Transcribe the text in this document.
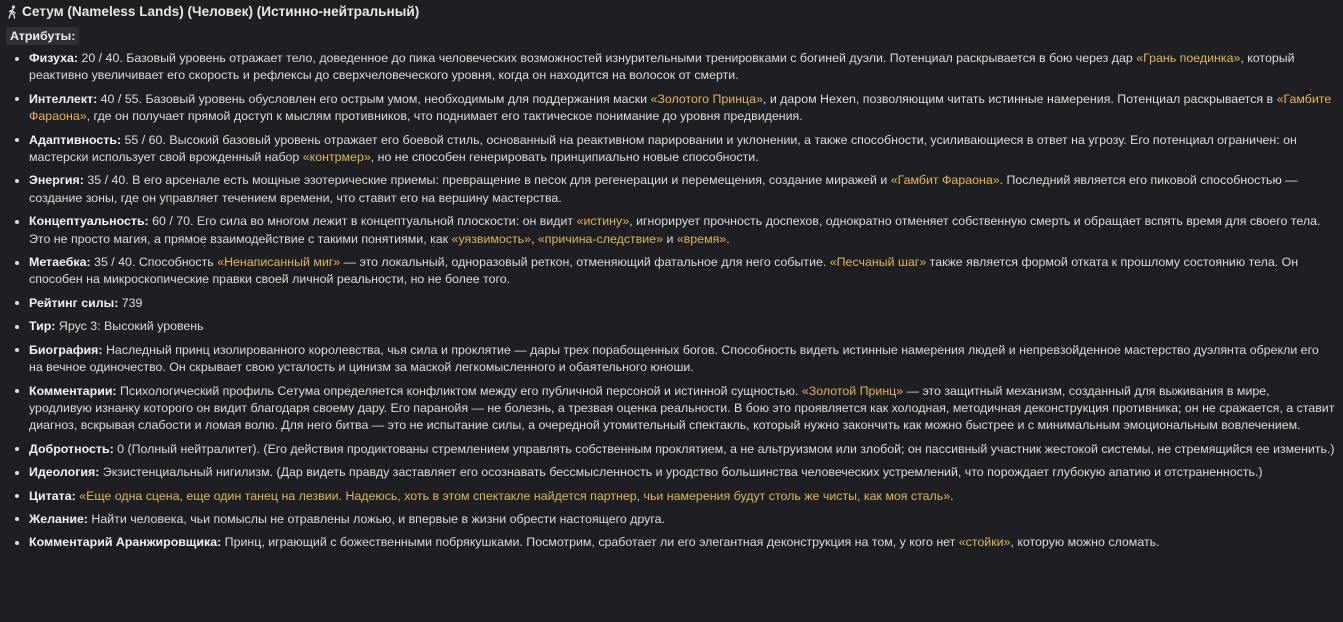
Сетум (Nameless Lands) (Человек) (Истинно-нейтральный)
Атрибуты:
Физуха: 20 / 40. Базовый уровень отражает тело, доведенное до пика человеческих возможностей изнурительными тренировками с богиней дуэли. Потенциал раскрывается в бою через дар «Грань поединка», который реактивно увеличивает его скорость и рефлексы до сверхчеловеческого уровня, когда он находится на волосок от смерти.
Интеллект: 40 / 55. Базовый уровень обусловлен его острым умом, необходимым для поддержания маски «Золотого Принца», и даром Hexen, позволяющим читать истинные намерения. Потенциал раскрывается в «Гамбите Фараона», где он получает прямой доступ к мыслям противников, что поднимает его тактическое понимание до уровня предвидения.
Адаптивность: 55 / 60. Высокий базовый уровень отражает его боевой стиль, основанный на реактивном парировании и уклонении, а также способности, усиливающиеся в ответ на угрозу. Его потенциал ограничен: он мастерски использует свой врожденный набор «контрмер», но не способен генерировать принципиально новые способности.
Энергия: 35 / 40. В его арсенале есть мощные эзотерические приемы: превращение в песок для регенерации и перемещения, создание миражей и «Гамбит Фараона». Последний является его пиковой способностью — создание зоны, где он управляет течением времени, что ставит его на вершину мастерства.
Концептуальность: 60 / 70. Его сила во многом лежит в концептуальной плоскости: он видит «истину», игнорирует прочность доспехов, однократно отменяет собственную смерть и обращает вспять время для своего тела. Это не просто магия, а прямое взаимодействие с такими понятиями, как «уязвимость», «причина-следствие» и «время».
Метаебка: 35 / 40. Способность «Ненаписанный миг» — это локальный, одноразовый реткон, отменяющий фатальное для него событие. «Песчаный шаг» также является формой отката к прошлому состоянию тела. Он способен на микроскопические правки своей личной реальности, но не более того.
Рейтинг силы: 739
Тир: Ярус 3: Высокий уровень
Биография: Наследный принц изолированного королевства, чья сила и проклятие — дары трех порабощенных богов. Способность видеть истинные намерения людей и непревзойденное мастерство дуэлянта обрекли его на вечное одиночество. Он скрывает свою усталость и цинизм за маской легкомысленного и обаятельного юноши.
Комментарии: Психологический профиль Сетума определяется конфликтом между его публичной персоной и истинной сущностью. «Золотой Принц» — это защитный механизм, созданный для выживания в мире, уродливую изнанку которого он видит благодаря своему дару. Его паранойя — не болезнь, а трезвая оценка реальности. В бою это проявляется как холодная, методичная деконструкция противника; он не сражается, а ставит диагноз, вскрывая слабости и ломая волю. Для него битва — это не испытание силы, а очередной утомительный спектакль, который нужно закончить как можно быстрее и с минимальным эмоциональным вовлечением.
Добротность: 0 (Полный нейтралитет). (Его действия продиктованы стремлением управлять собственным проклятием, а не альтруизмом или злобой; он пассивный участник жестокой системы, не стремящийся ее изменить.)
Идеология: Экзистенциальный нигилизм. (Дар видеть правду заставляет его осознавать бессмысленность и уродство большинства человеческих устремлений, что порождает глубокую апатию и отстраненность.)
Цитата: «Еще одна сцена, еще один танец на лезвии. Надеюсь, хоть в этом спектакле найдется партнер, чьи намерения будут столь же чисты, как моя сталь».
Желание: Найти человека, чьи помыслы не отравлены ложью, и впервые в жизни обрести настоящего друга.
Комментарий Аранжировщика: Принц, играющий с божественными побрякушками. Посмотрим, сработает ли его элегантная деконструкция на том, у кого нет «стойки», которую можно сломать.
